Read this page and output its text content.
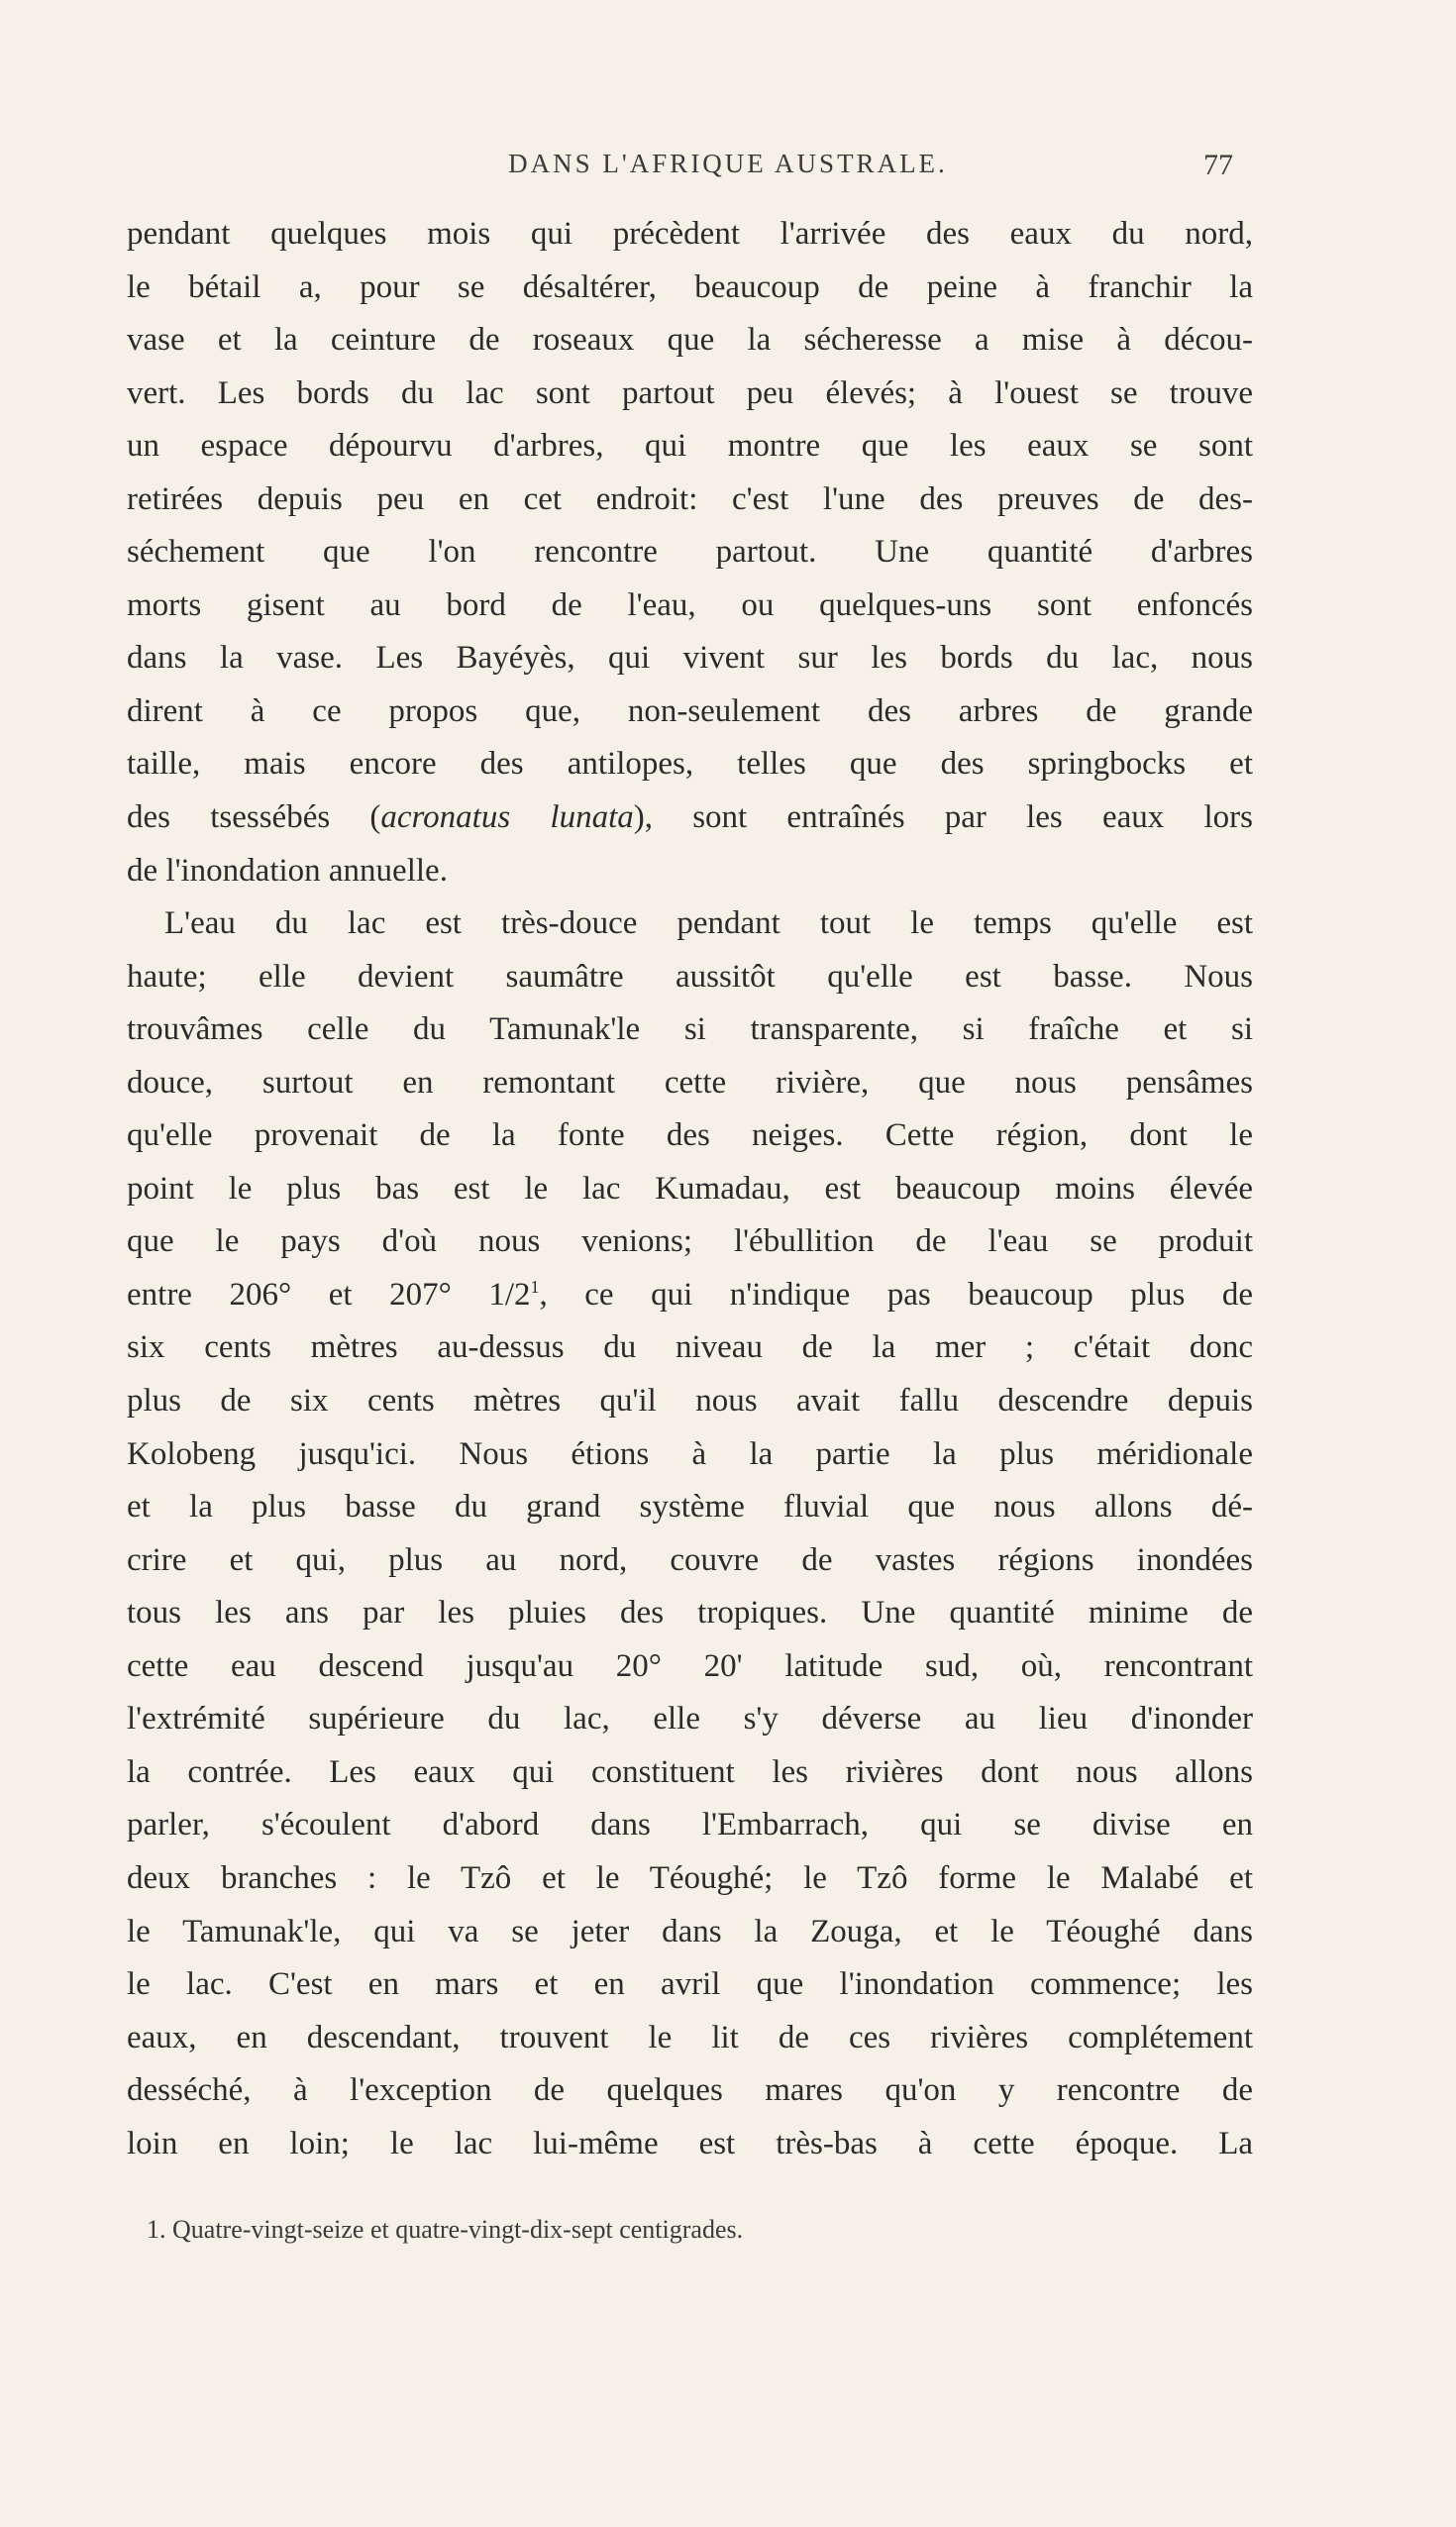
DANS L'AFRIQUE AUSTRALE.	77
pendant quelques mois qui précèdent l'arrivée des eaux du nord,
le bétail a, pour se désaltérer, beaucoup de peine à franchir la
vase et la ceinture de roseaux que la sécheresse a mise à décou-
vert. Les bords du lac sont partout peu élevés; à l'ouest se trouve
un espace dépourvu d'arbres, qui montre que les eaux se sont
retirées depuis peu en cet endroit: c'est l'une des preuves de des-
séchement que l'on rencontre partout. Une quantité d'arbres
morts gisent au bord de l'eau, ou quelques-uns sont enfoncés
dans la vase. Les Bayéyès, qui vivent sur les bords du lac, nous
dirent à ce propos que, non-seulement des arbres de grande
taille, mais encore des antilopes, telles que des springbocks et
des tsessébés (acronatus lunata), sont entraînés par les eaux lors
de l'inondation annuelle.
L'eau du lac est très-douce pendant tout le temps qu'elle est
haute; elle devient saumâtre aussitôt qu'elle est basse. Nous
trouvâmes celle du Tamunak'le si transparente, si fraîche et si
douce, surtout en remontant cette rivière, que nous pensâmes
qu'elle provenait de la fonte des neiges. Cette région, dont le
point le plus bas est le lac Kumadau, est beaucoup moins élevée
que le pays d'où nous venions; l'ébullition de l'eau se produit
entre 206° et 207° $1/2^1$, ce qui n'indique pas beaucoup plus de
six cents mètres au-dessus du niveau de la mer ; c'était donc
plus de six cents mètres qu'il nous avait fallu descendre depuis
Kolobeng jusqu'ici. Nous étions à la partie la plus méridionale
et la plus basse du grand système fluvial que nous allons dé-
crire et qui, plus au nord, couvre de vastes régions inondées
tous les ans par les pluies des tropiques. Une quantité minime de
cette eau descend jusqu'au 20° 20' latitude sud, où, rencontrant
l'extrémité supérieure du lac, elle s'y déverse au lieu d'inonder
la contrée. Les eaux qui constituent les rivières dont nous allons
parler, s'écoulent d'abord dans l'Embarrach, qui se divise en
deux branches : le Tzô et le Téoughé; le Tzô forme le Malabé et
le Tamunak'le, qui va se jeter dans la Zouga, et le Téoughé dans
le lac. C'est en mars et en avril que l'inondation commence; les
eaux, en descendant, trouvent le lit de ces rivières complétement
desséché, à l'exception de quelques mares qu'on y rencontre de
loin en loin; le lac lui-même est très-bas à cette époque. La
1. Quatre-vingt-seize et quatre-vingt-dix-sept centigrades.
